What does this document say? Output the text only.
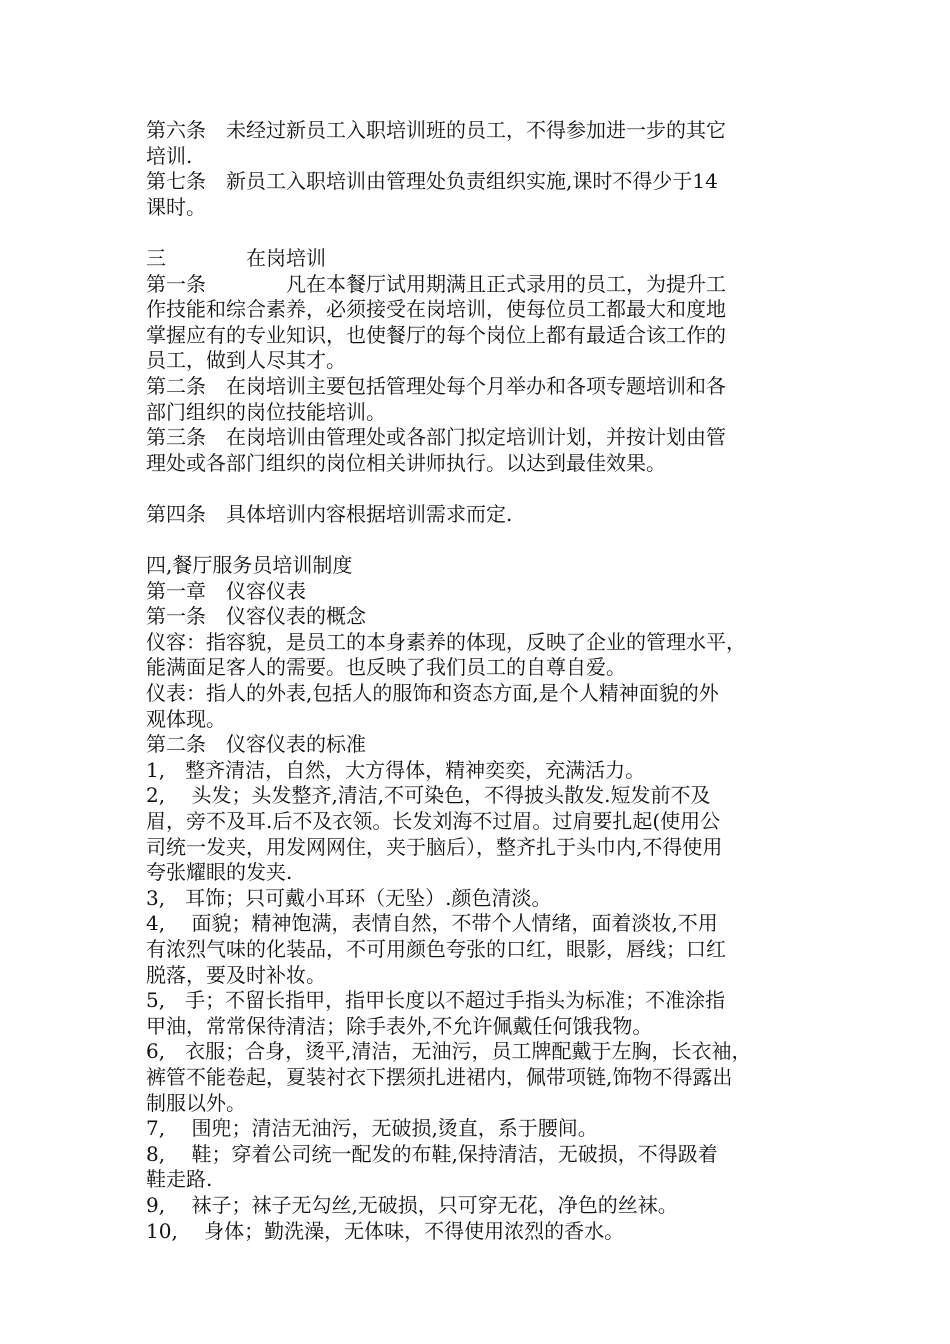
第六条　未经过新员工入职培训班的员工，不得参加进一步的其它
培训.
第七条　新员工入职培训由管理处负责组织实施,课时不得少于14
课时。
三　　　　在岗培训
第一条　　　　凡在本餐厅试用期满且正式录用的员工，为提升工
作技能和综合素养，必须接受在岗培训，使每位员工都最大和度地
掌握应有的专业知识，也使餐厅的每个岗位上都有最适合该工作的
员工，做到人尽其才。
第二条　在岗培训主要包括管理处每个月举办和各项专题培训和各
部门组织的岗位技能培训。
第三条　在岗培训由管理处或各部门拟定培训计划，并按计划由管
理处或各部门组织的岗位相关讲师执行。以达到最佳效果。
第四条　具体培训内容根据培训需求而定.
四,餐厅服务员培训制度
第一章　仪容仪表
第一条　仪容仪表的概念
仪容：指容貌，是员工的本身素养的体现，反映了企业的管理水平，
能满面足客人的需要。也反映了我们员工的自尊自爱。
仪表：指人的外表,包括人的服饰和资态方面,是个人精神面貌的外
观体现。
第二条　仪容仪表的标准
1,　整齐清洁，自然，大方得体，精神奕奕，充满活力。
2,　 头发；头发整齐,清洁,不可染色，不得披头散发.短发前不及
眉，旁不及耳.后不及衣领。长发刘海不过眉。过肩要扎起(使用公
司统一发夹，用发网网住，夹于脑后），整齐扎于头巾内,不得使用
夸张耀眼的发夹.
3,　耳饰；只可戴小耳环（无坠）.颜色清淡。
4,　 面貌；精神饱满，表情自然，不带个人情绪，面着淡妆,不用
有浓烈气味的化装品，不可用颜色夸张的口红，眼影，唇线；口红
脱落，要及时补妆。
5,　手；不留长指甲，指甲长度以不超过手指头为标准；不准涂指
甲油，常常保待清洁；除手表外,不允许佩戴任何饿我物。
6,　衣服；合身，烫平,清洁，无油污，员工牌配戴于左胸，长衣袖，
裤管不能卷起，夏装衬衣下摆须扎进裙内，佩带项链,饰物不得露出
制服以外。
7,　 围兜；清洁无油污，无破损,烫直，系于腰间。
8,　 鞋；穿着公司统一配发的布鞋,保持清洁，无破损，不得趿着
鞋走路.
9,　 袜子；袜子无勾丝,无破损，只可穿无花，净色的丝袜。
10,　 身体；勤洗澡，无体味，不得使用浓烈的香水。
